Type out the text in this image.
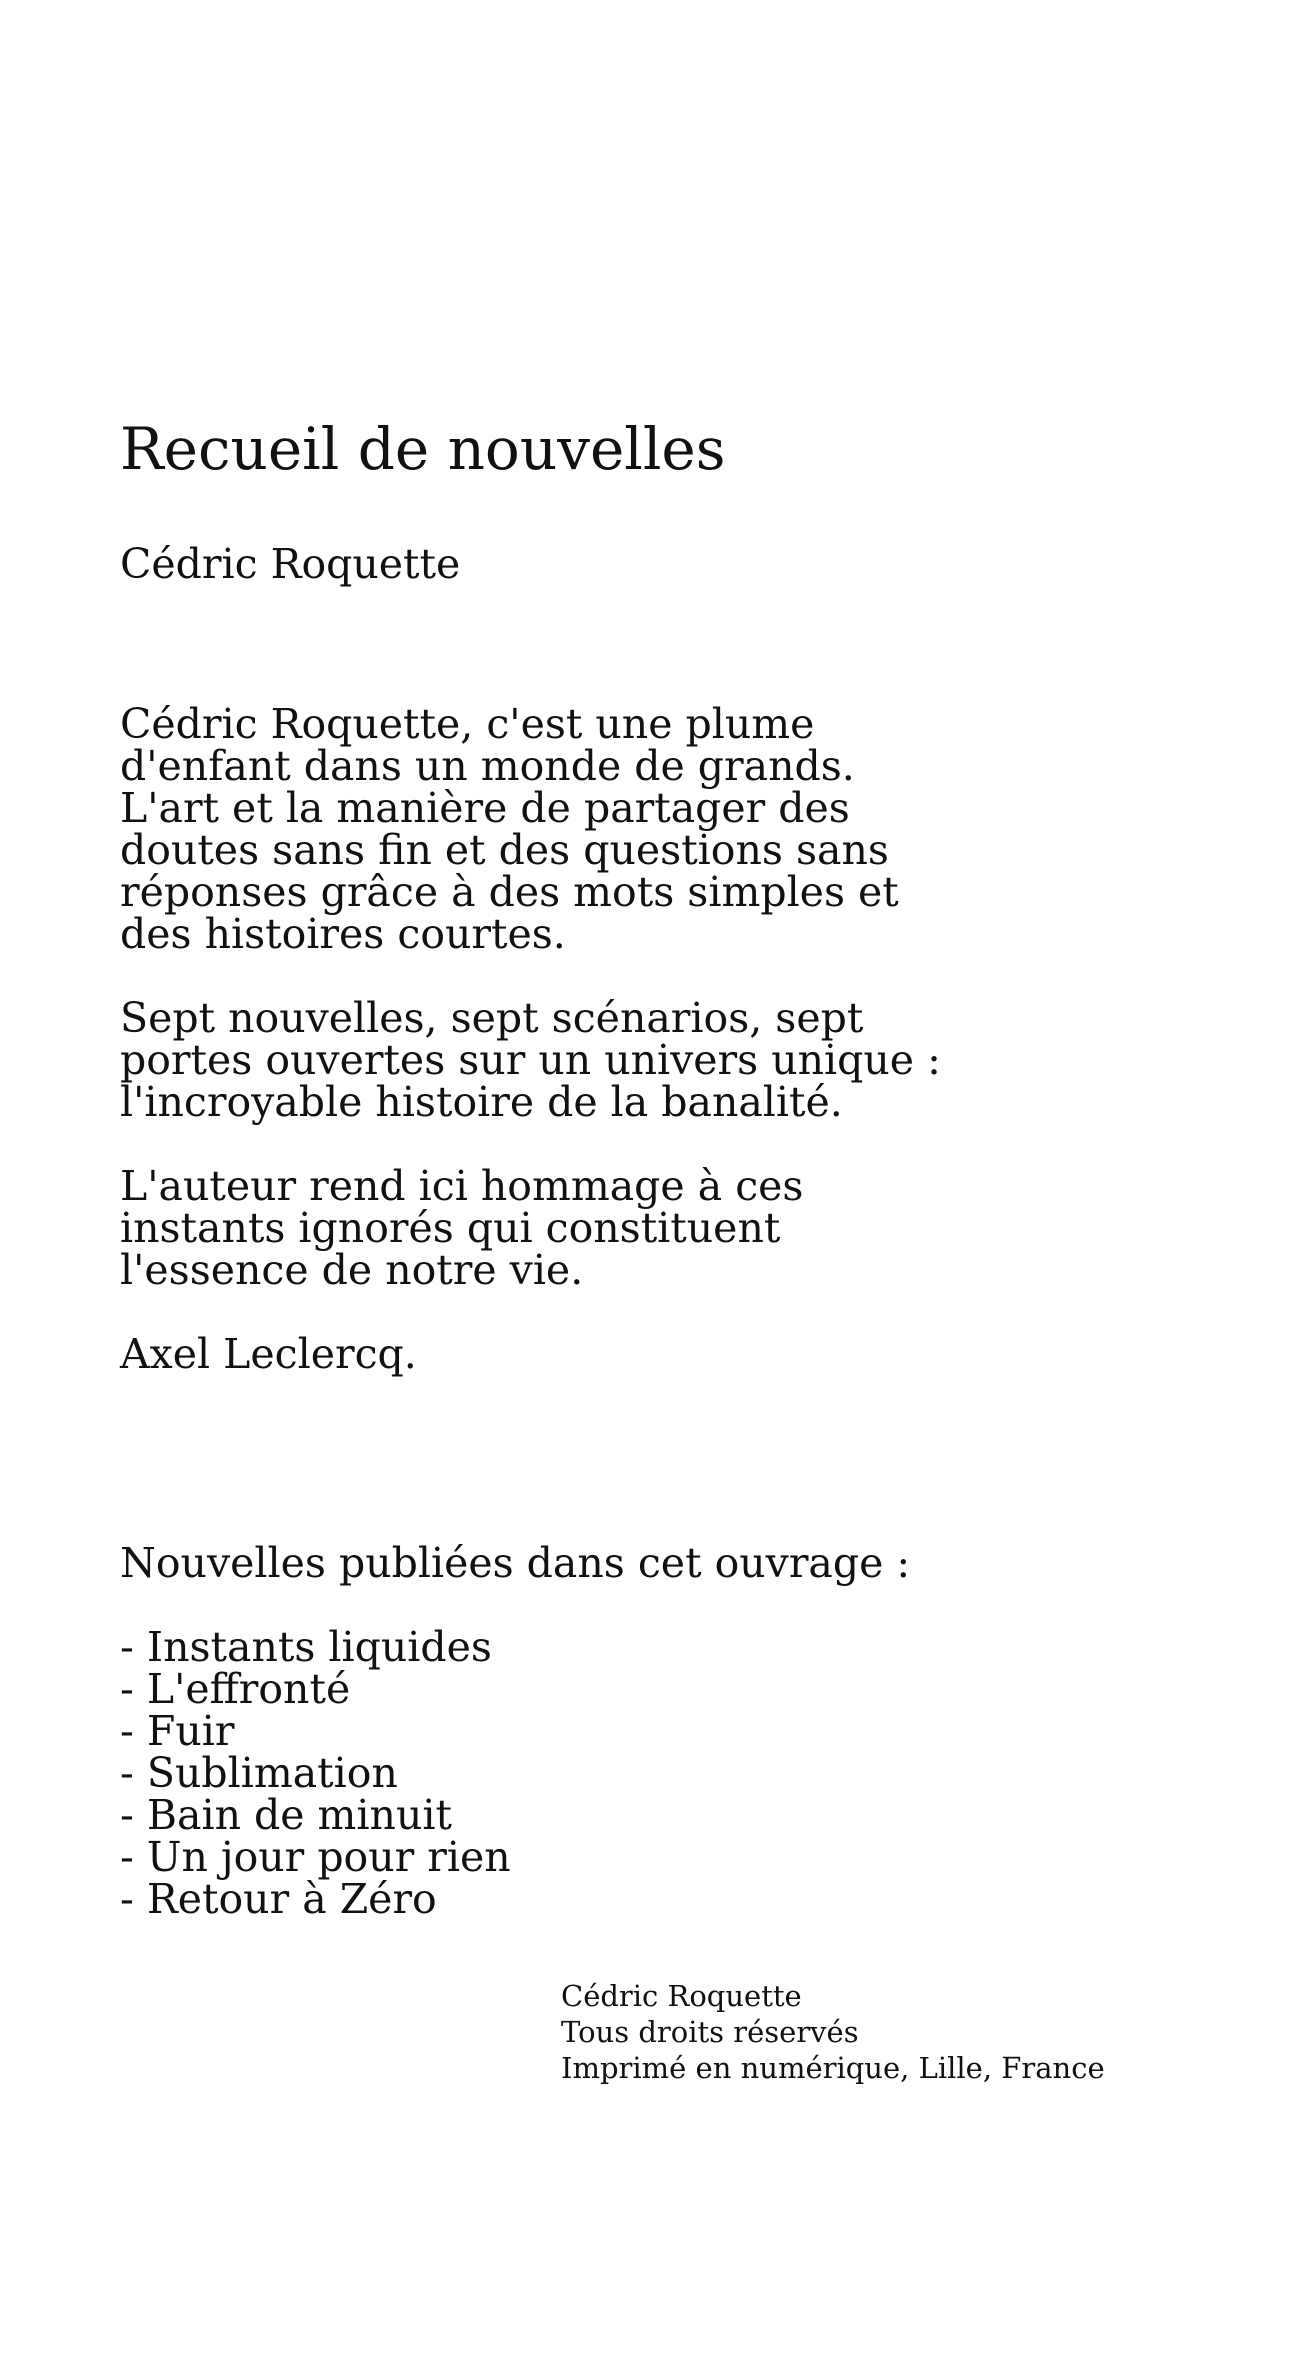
Recueil de nouvelles
Cédric Roquette

Cédric Roquette, c'est une plume
d'enfant dans un monde de grands.
L'art et la manière de partager des
doutes sans fin et des questions sans
réponses grâce à des mots simples et
des histoires courtes.

Sept nouvelles, sept scénarios, sept
portes ouvertes sur un univers unique :
l'incroyable histoire de la banalité.

L'auteur rend ici hommage à ces
instants ignorés qui constituent
l'essence de notre vie.

Axel Leclercq.

Nouvelles publiées dans cet ouvrage :

- Instants liquides
- L'effronté
- Fuir
- Sublimation
- Bain de minuit
- Un jour pour rien
- Retour à Zéro
Cédric Roquette
Tous droits réservés
Imprimé en numérique, Lille, France
